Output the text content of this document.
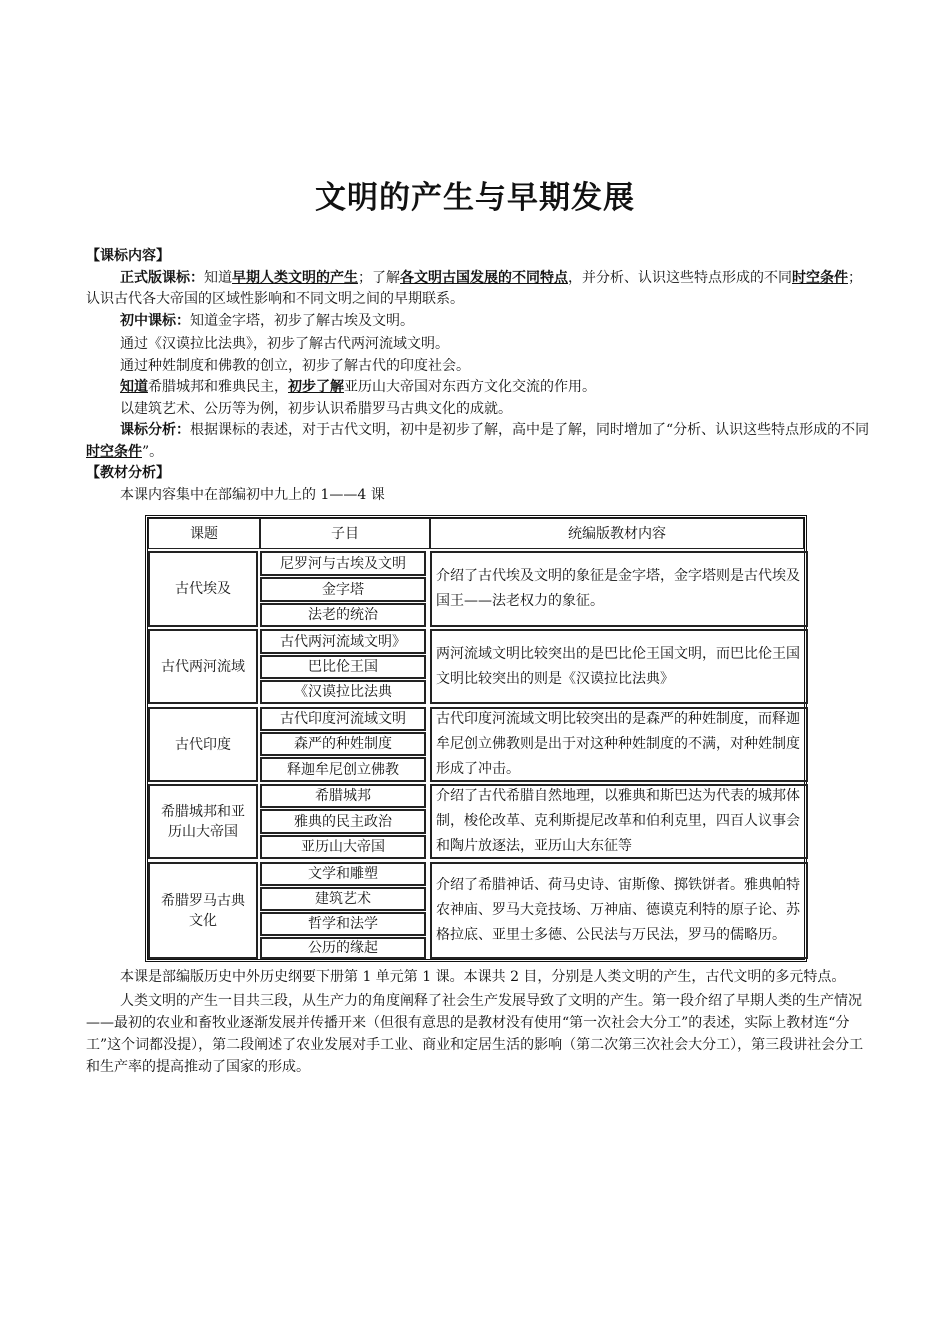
文明的产生与早期发展
【课标内容】

正式版课标：知道早期人类文明的产生；了解各文明古国发展的不同特点，并分析、认识这些特点形成的不同时空条件；认识古代各大帝国的区域性影响和不同文明之间的早期联系。

初中课标：知道金字塔，初步了解古埃及文明。

通过《汉谟拉比法典》，初步了解古代两河流域文明。

通过种姓制度和佛教的创立，初步了解古代的印度社会。

知道希腊城邦和雅典民主，初步了解亚历山大帝国对东西方文化交流的作用。

以建筑艺术、公历等为例，初步认识希腊罗马古典文化的成就。

课标分析：根据课标的表述，对于古代文明，初中是初步了解，高中是了解，同时增加了“分析、认识这些特点形成的不同时空条件”。

【教材分析】

本课内容集中在部编初中九上的 1——4 课

课题	子目	统编版教材内容
古代埃及
尼罗河与古埃及文明
金字塔
法老的统治
介绍了古代埃及文明的象征是金字塔，金字塔则是古代埃及国王——法老权力的象征。
古代两河流域
古代两河流域文明》
巴比伦王国
《汉谟拉比法典
两河流域文明比较突出的是巴比伦王国文明，而巴比伦王国文明比较突出的则是《汉谟拉比法典》
古代印度
古代印度河流域文明
森严的种姓制度
释迦牟尼创立佛教
古代印度河流域文明比较突出的是森严的种姓制度，而释迦牟尼创立佛教则是出于对这种种姓制度的不满，对种姓制度形成了冲击。
希腊城邦和亚历山大帝国
希腊城邦
雅典的民主政治
亚历山大帝国
介绍了古代希腊自然地理，以雅典和斯巴达为代表的城邦体制，梭伦改革、克利斯提尼改革和伯利克里，四百人议事会和陶片放逐法，亚历山大东征等
希腊罗马古典文化
文学和雕塑
建筑艺术
哲学和法学
公历的缘起
介绍了希腊神话、荷马史诗、宙斯像、掷铁饼者。雅典帕特农神庙、罗马大竞技场、万神庙、德谟克利特的原子论、苏格拉底、亚里士多德、公民法与万民法，罗马的儒略历。

本课是部编版历史中外历史纲要下册第 1 单元第 1 课。本课共 2 目，分别是人类文明的产生，古代文明的多元特点。

人类文明的产生一目共三段，从生产力的角度阐释了社会生产发展导致了文明的产生。第一段介绍了早期人类的生产情况——最初的农业和畜牧业逐渐发展并传播开来（但很有意思的是教材没有使用“第一次社会大分工”的表述，实际上教材连“分工”这个词都没提），第二段阐述了农业发展对手工业、商业和定居生活的影响（第二次第三次社会大分工），第三段讲社会分工和生产率的提高推动了国家的形成。
